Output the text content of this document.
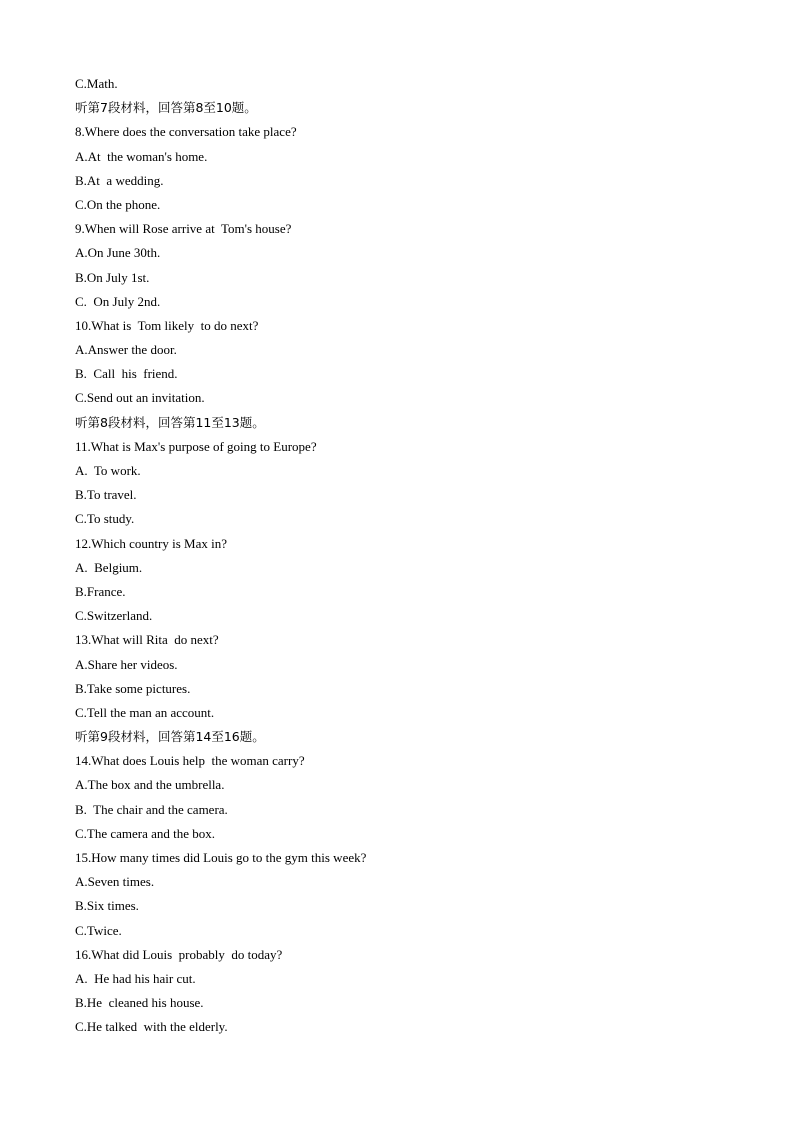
C.Math.
听第7段材料，回答第8至10题。
8.Where does the conversation take place?
A.At  the woman's home.
B.At  a wedding.
C.On the phone.
9.When will Rose arrive at  Tom's house?
A.On June 30th.
B.On July 1st.
C.  On July 2nd.
10.What is  Tom likely  to do next?
A.Answer the door.
B.  Call  his  friend.
C.Send out an invitation.
听第8段材料，回答第11至13题。
11.What is Max's purpose of going to Europe?
A.  To work.
B.To travel.
C.To study.
12.Which country is Max in?
A.  Belgium.
B.France.
C.Switzerland.
13.What will Rita  do next?
A.Share her videos.
B.Take some pictures.
C.Tell the man an account.
听第9段材料，回答第14至16题。
14.What does Louis help  the woman carry?
A.The box and the umbrella.
B.  The chair and the camera.
C.The camera and the box.
15.How many times did Louis go to the gym this week?
A.Seven times.
B.Six times.
C.Twice.
16.What did Louis  probably  do today?
A.  He had his hair cut.
B.He  cleaned his house.
C.He talked  with the elderly.
